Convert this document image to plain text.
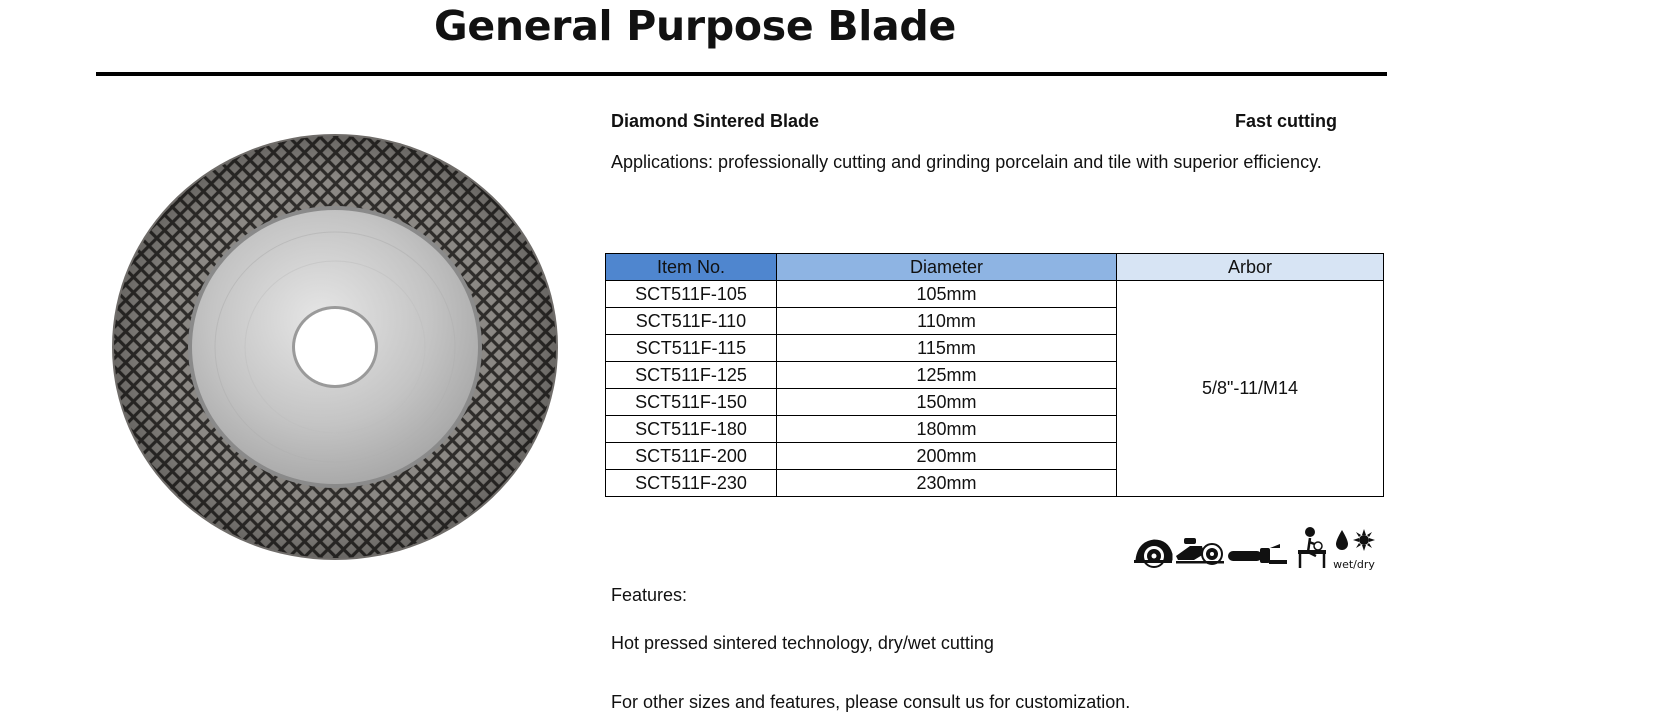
General Purpose Blade
Diamond Sintered Blade	Fast cutting
Applications: professionally cutting and grinding porcelain and tile with superior efficiency.
Item No.	Diameter	Arbor
SCT511F-105	105mm	5/8"-11/M14
SCT511F-110	110mm	
SCT511F-115	115mm	
SCT511F-125	125mm	
SCT511F-150	150mm	
SCT511F-180	180mm	
SCT511F-200	200mm	
SCT511F-230	230mm	
wet/dry
Features:
Hot pressed sintered technology, dry/wet cutting
For other sizes and features, please consult us for customization.
